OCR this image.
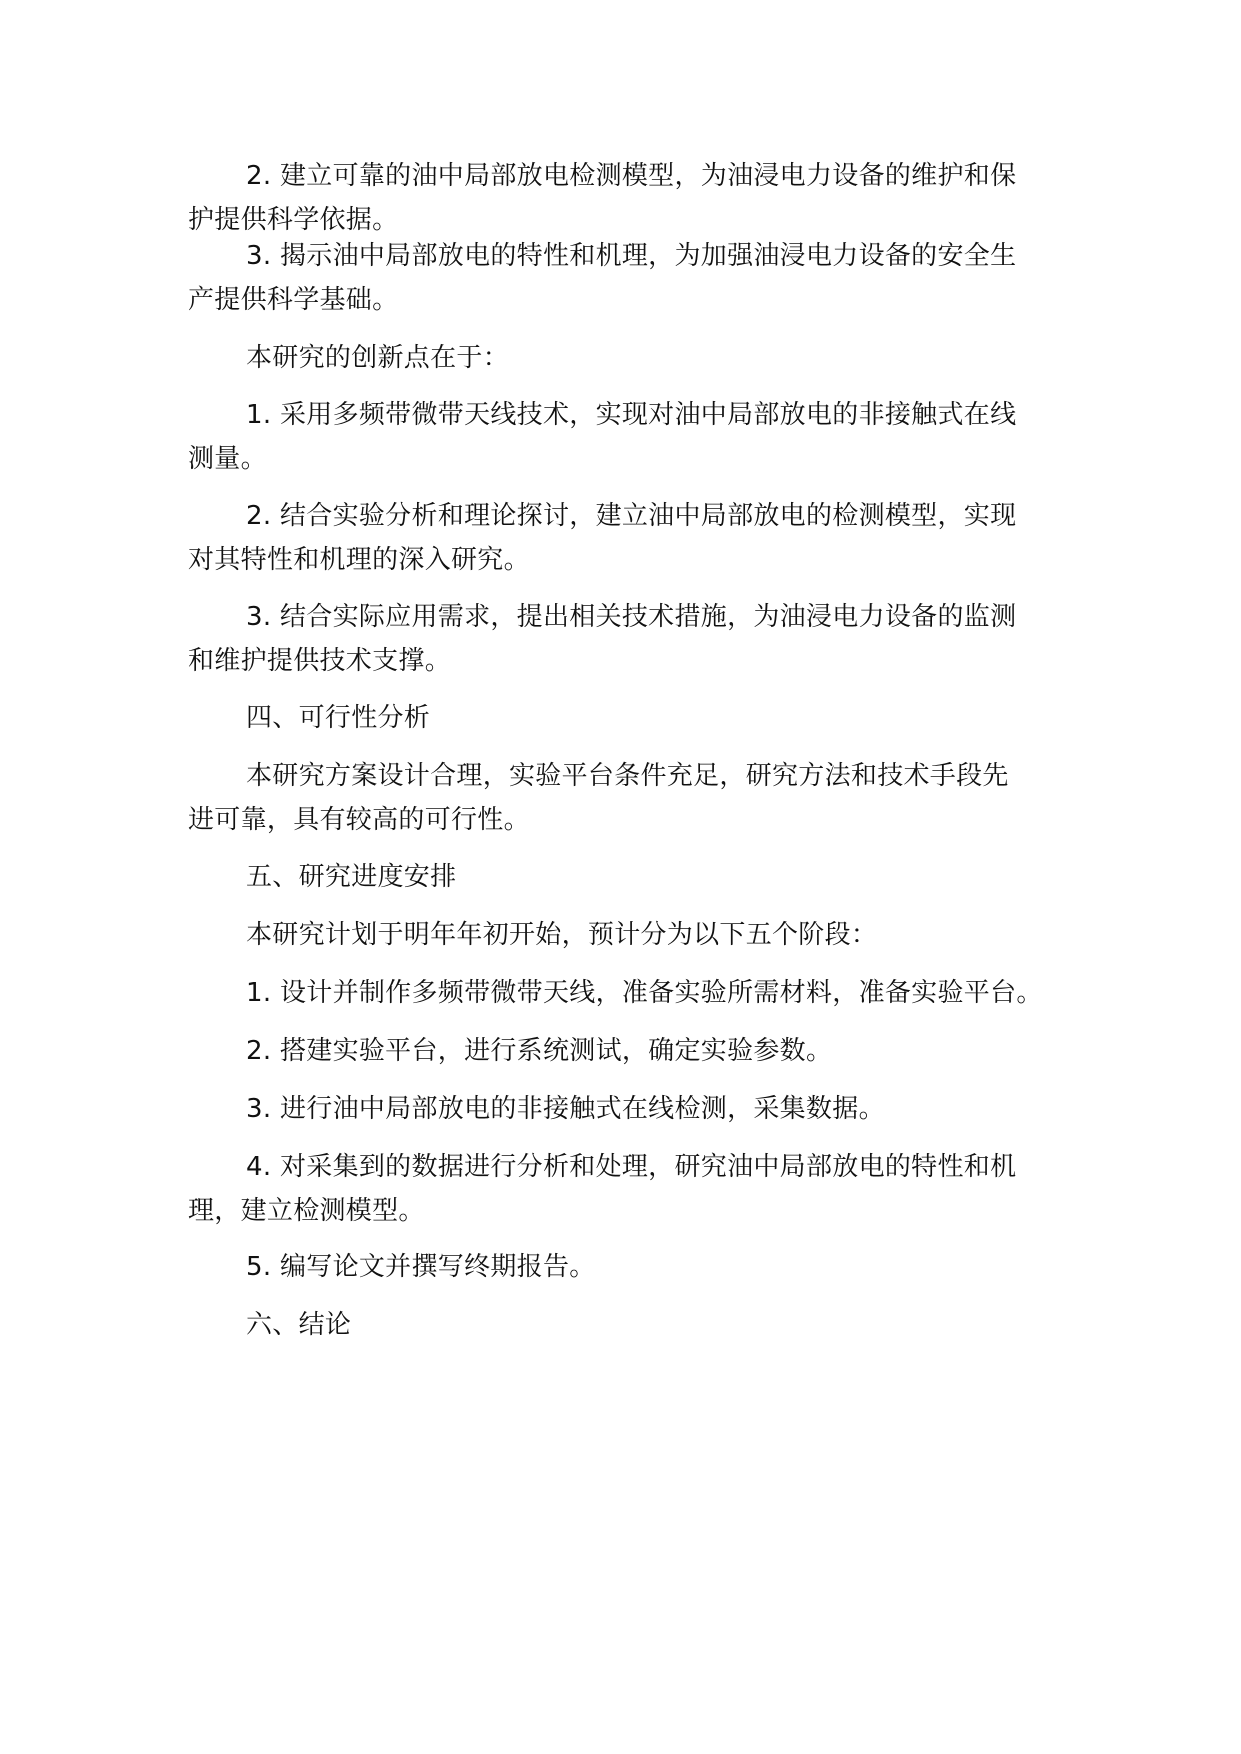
2. 建立可靠的油中局部放电检测模型，为油浸电力设备的维护和保
护提供科学依据。

3. 揭示油中局部放电的特性和机理，为加强油浸电力设备的安全生
产提供科学基础。

本研究的创新点在于：

1. 采用多频带微带天线技术，实现对油中局部放电的非接触式在线
测量。

2. 结合实验分析和理论探讨，建立油中局部放电的检测模型，实现
对其特性和机理的深入研究。

3. 结合实际应用需求，提出相关技术措施，为油浸电力设备的监测
和维护提供技术支撑。

四、可行性分析

本研究方案设计合理，实验平台条件充足，研究方法和技术手段先
进可靠，具有较高的可行性。

五、研究进度安排

本研究计划于明年年初开始，预计分为以下五个阶段：

1. 设计并制作多频带微带天线，准备实验所需材料，准备实验平台。

2. 搭建实验平台，进行系统测试，确定实验参数。

3. 进行油中局部放电的非接触式在线检测，采集数据。

4. 对采集到的数据进行分析和处理，研究油中局部放电的特性和机
理，建立检测模型。

5. 编写论文并撰写终期报告。

六、结论
